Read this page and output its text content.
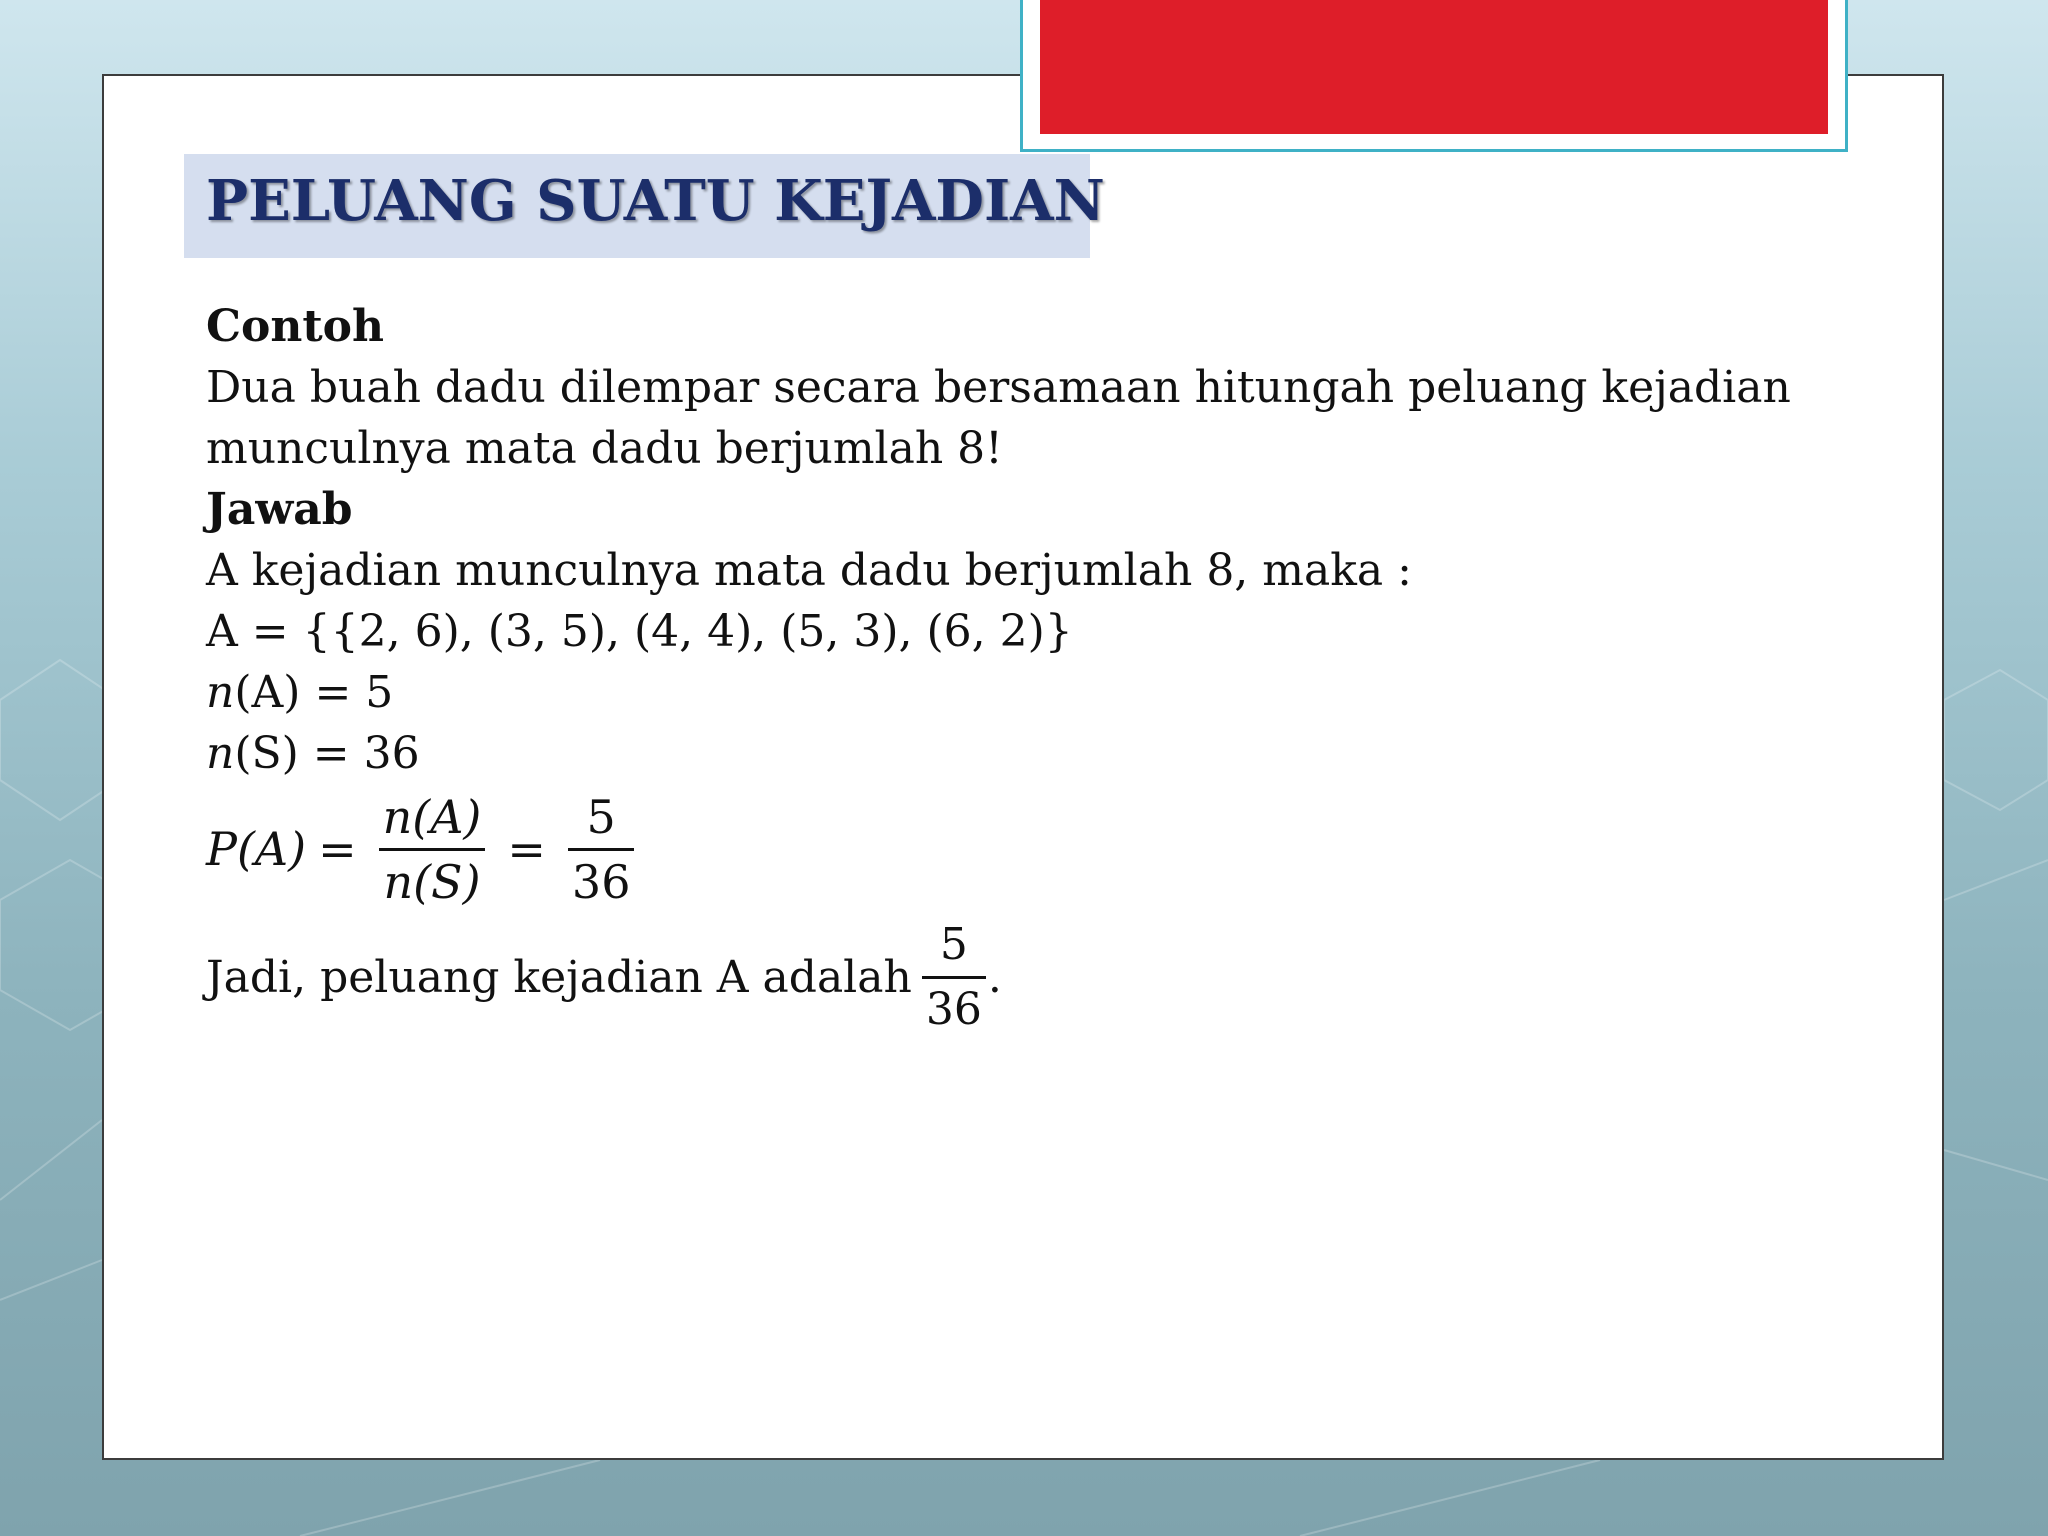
PELUANG SUATU KEJADIAN
Contoh
Dua buah dadu dilempar secara bersamaan hitungah peluang kejadian
munculnya mata dadu berjumlah 8!
Jawab
A kejadian munculnya mata dadu berjumlah 8, maka :
A = {{2, 6), (3, 5), (4, 4), (5, 3), (6, 2)}
n(A) = 5
n(S) = 36
$P(A) = \frac{n(A)}{n(S)} = \frac{5}{36}$
Jadi, peluang kejadian A adalah $\frac{5}{36}$ .
